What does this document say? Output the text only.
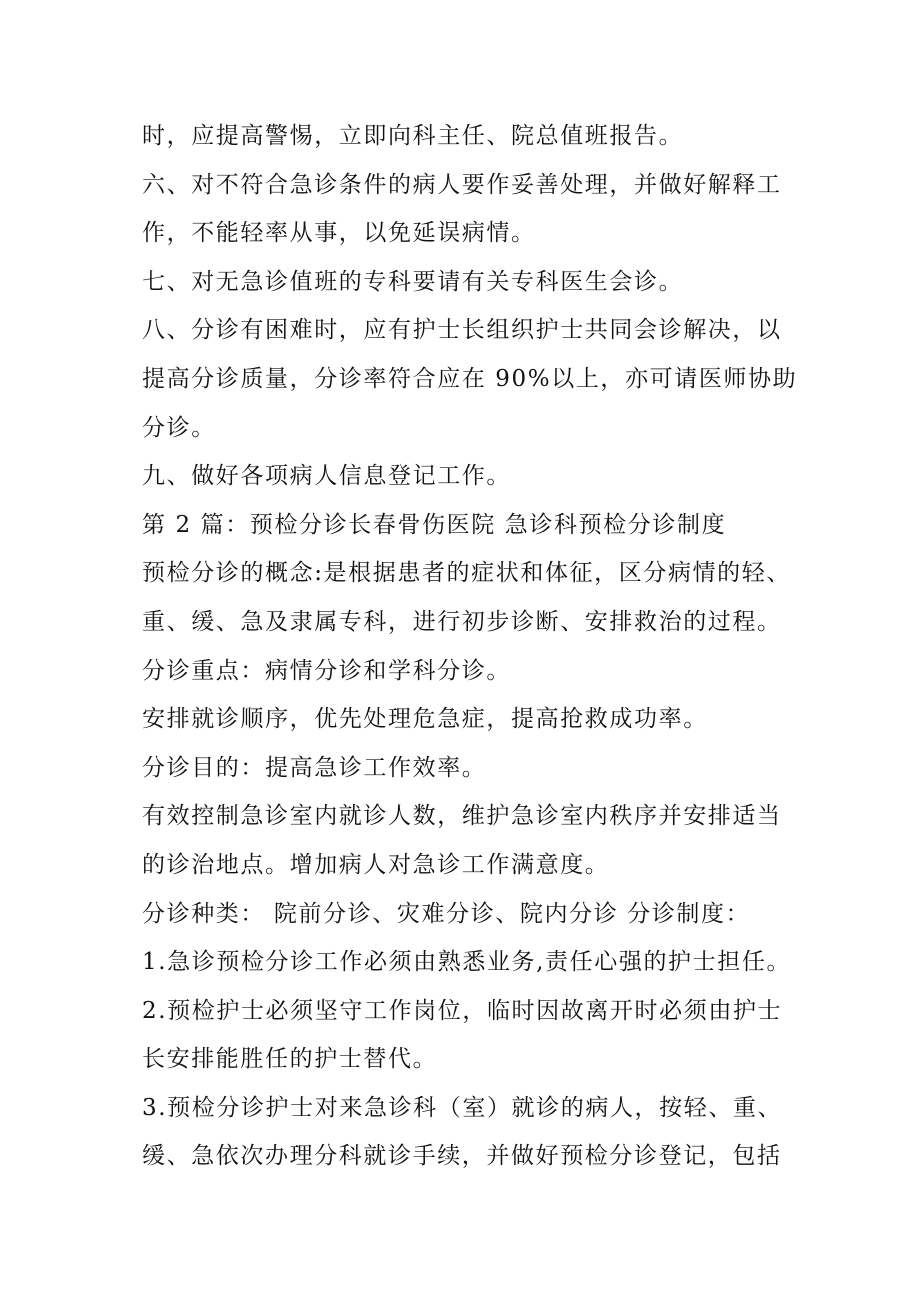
时，应提高警惕，立即向科主任、院总值班报告。
六、对不符合急诊条件的病人要作妥善处理，并做好解释工
作，不能轻率从事，以免延误病情。
七、对无急诊值班的专科要请有关专科医生会诊。
八、分诊有困难时，应有护士长组织护士共同会诊解决，以
提高分诊质量，分诊率符合应在 90%以上，亦可请医师协助
分诊。
九、做好各项病人信息登记工作。
第 2 篇：预检分诊长春骨伤医院 急诊科预检分诊制度
预检分诊的概念:是根据患者的症状和体征，区分病情的轻、
重、缓、急及隶属专科，进行初步诊断、安排救治的过程。
分诊重点：病情分诊和学科分诊。
安排就诊顺序，优先处理危急症，提高抢救成功率。
分诊目的：提高急诊工作效率。
有效控制急诊室内就诊人数，维护急诊室内秩序并安排适当
的诊治地点。增加病人对急诊工作满意度。
分诊种类： 院前分诊、灾难分诊、院内分诊 分诊制度：
1.急诊预检分诊工作必须由熟悉业务,责任心强的护士担任。
2.预检护士必须坚守工作岗位，临时因故离开时必须由护士
长安排能胜任的护士替代。
3.预检分诊护士对来急诊科（室）就诊的病人，按轻、重、
缓、急依次办理分科就诊手续，并做好预检分诊登记，包括
